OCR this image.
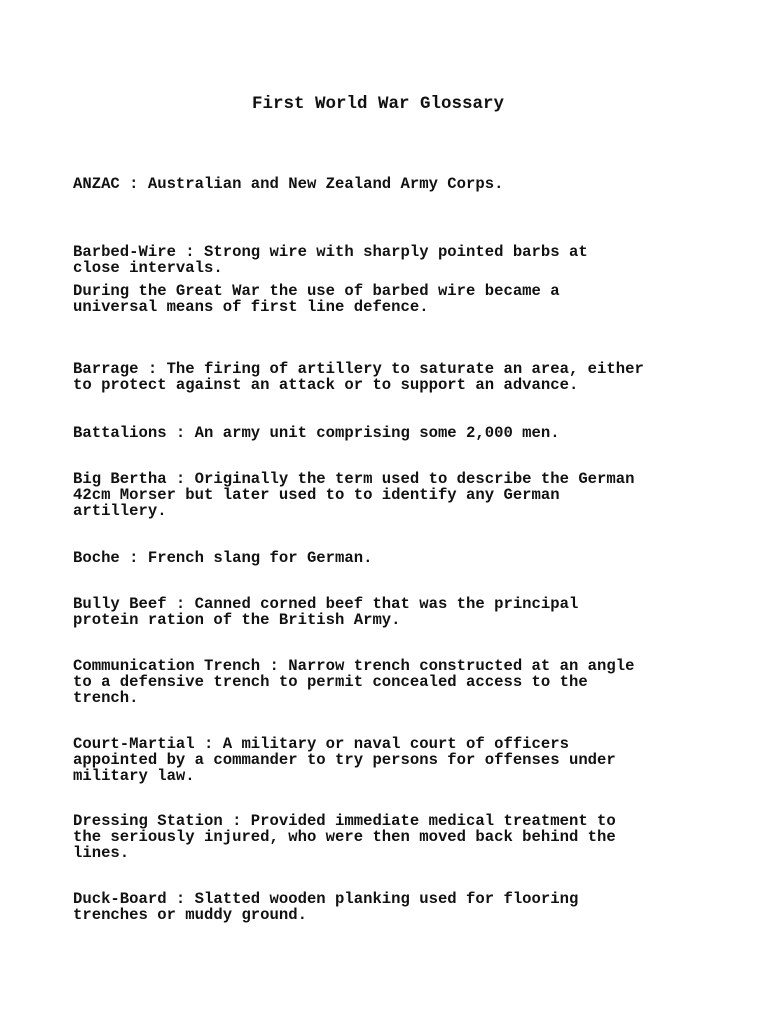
First World War Glossary
ANZAC : Australian and New Zealand Army Corps.
Barbed-Wire : Strong wire with sharply pointed barbs at
close intervals.
During the Great War the use of barbed wire became a
universal means of first line defence.
Barrage : The firing of artillery to saturate an area, either
to protect against an attack or to support an advance.
Battalions : An army unit comprising some 2,000 men.
Big Bertha : Originally the term used to describe the German
42cm Morser but later used to to identify any German
artillery.
Boche : French slang for German.
Bully Beef : Canned corned beef that was the principal
protein ration of the British Army.
Communication Trench : Narrow trench constructed at an angle
to a defensive trench to permit concealed access to the
trench.
Court-Martial : A military or naval court of officers
appointed by a commander to try persons for offenses under
military law.
Dressing Station : Provided immediate medical treatment to
the seriously injured, who were then moved back behind the
lines.
Duck-Board : Slatted wooden planking used for flooring
trenches or muddy ground.
